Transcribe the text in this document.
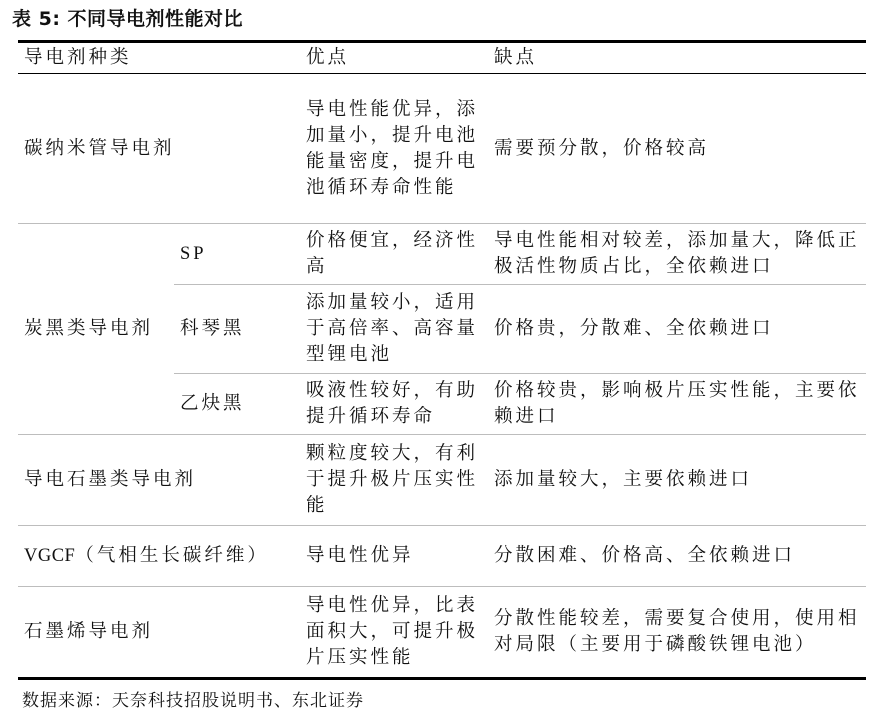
表 5: 不同导电剂性能对比
导电剂种类		优点	缺点
碳纳米管导电剂		导电性能优异，添加量小，提升电池能量密度，提升电池循环寿命性能	需要预分散，价格较高
炭黑类导电剂	SP	价格便宜，经济性高	导电性能相对较差，添加量大，降低正极活性物质占比，全依赖进口
	科琴黑	添加量较小，适用于高倍率、高容量型锂电池	价格贵，分散难、全依赖进口
	乙炔黑	吸液性较好，有助提升循环寿命	价格较贵，影响极片压实性能，主要依赖进口
导电石墨类导电剂		颗粒度较大，有利于提升极片压实性能	添加量较大，主要依赖进口
VGCF（气相生长碳纤维）		导电性优异	分散困难、价格高、全依赖进口
石墨烯导电剂		导电性优异，比表面积大，可提升极片压实性能	分散性能较差，需要复合使用，使用相对局限（主要用于磷酸铁锂电池）
数据来源：天奈科技招股说明书、东北证券
